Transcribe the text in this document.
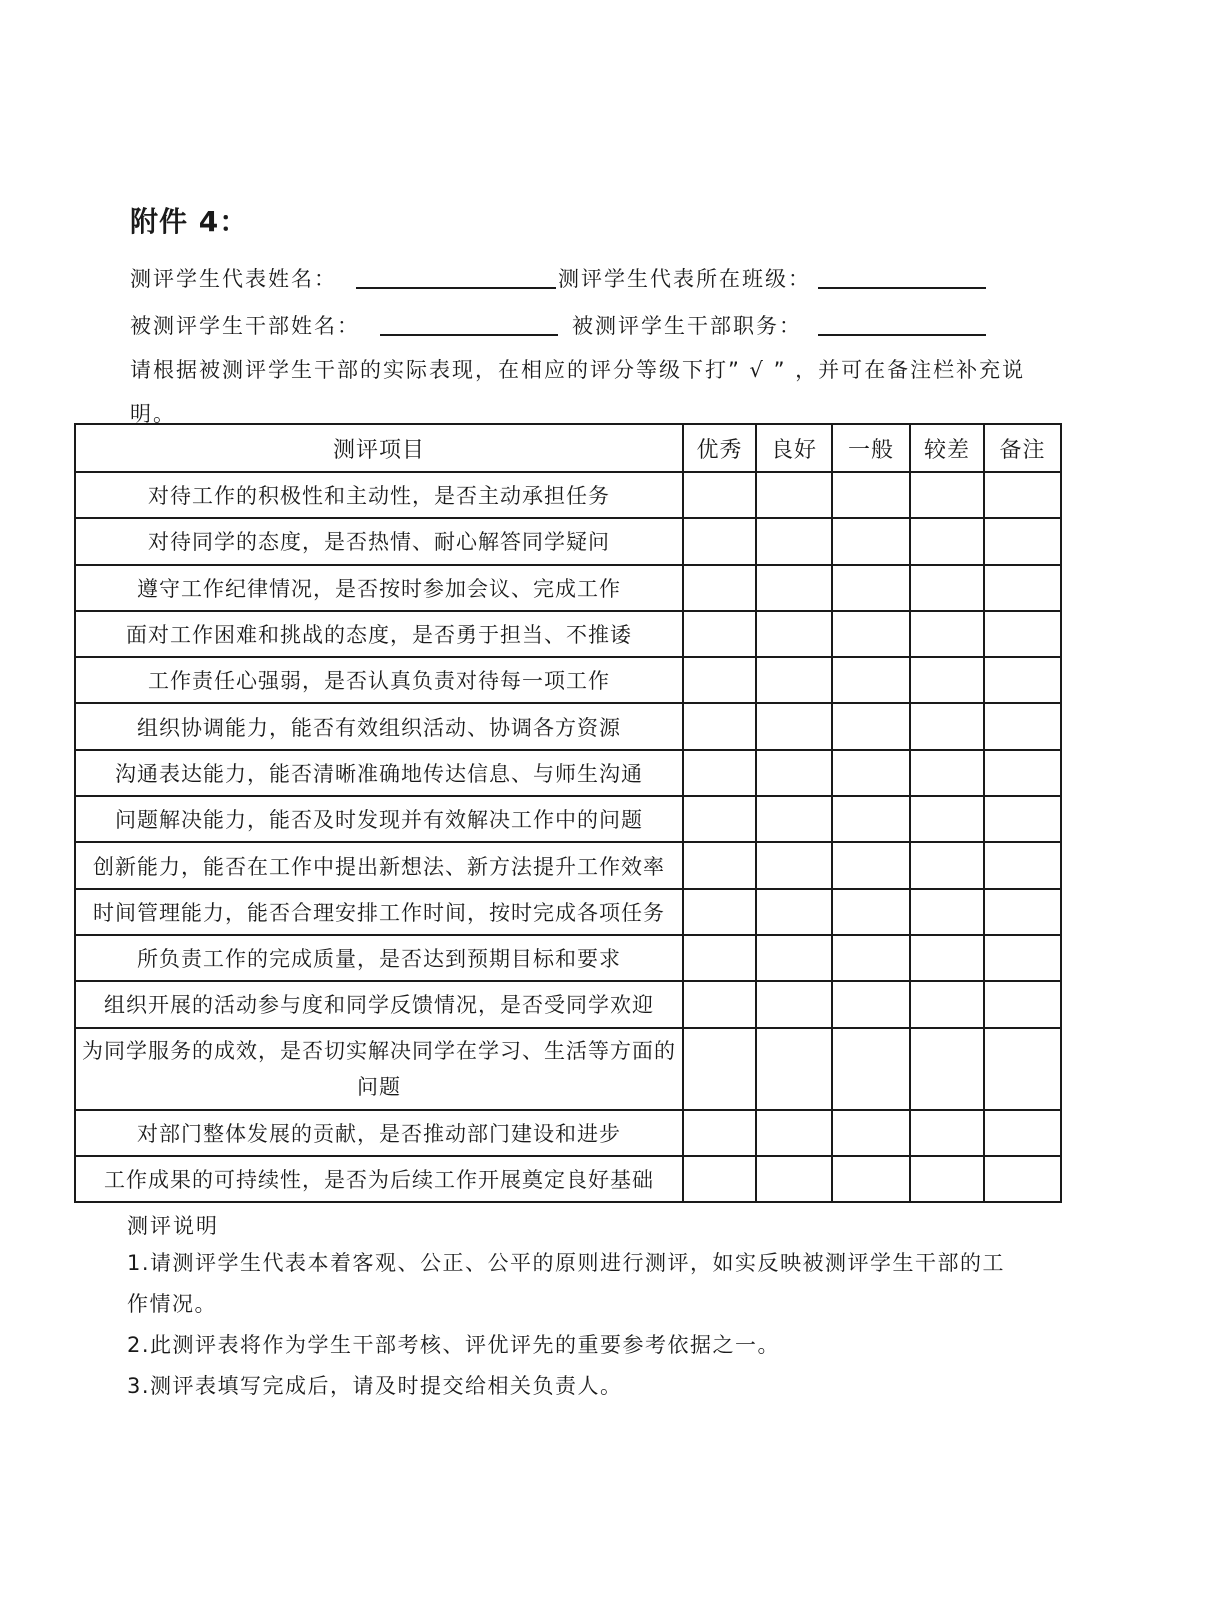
附件 4：
测评学生代表姓名：	测评学生代表所在班级：
被测评学生干部姓名：	被测评学生干部职务：
请根据被测评学生干部的实际表现，在相应的评分等级下打” √ ” ，并可在备注栏补充说明。
测评项目	优秀	良好	一般	较差	备注
对待工作的积极性和主动性，是否主动承担任务					
对待同学的态度，是否热情、耐心解答同学疑问					
遵守工作纪律情况，是否按时参加会议、完成工作					
面对工作困难和挑战的态度，是否勇于担当、不推诿					
工作责任心强弱，是否认真负责对待每一项工作					
组织协调能力，能否有效组织活动、协调各方资源					
沟通表达能力，能否清晰准确地传达信息、与师生沟通					
问题解决能力，能否及时发现并有效解决工作中的问题					
创新能力，能否在工作中提出新想法、新方法提升工作效率					
时间管理能力，能否合理安排工作时间，按时完成各项任务					
所负责工作的完成质量，是否达到预期目标和要求					
组织开展的活动参与度和同学反馈情况，是否受同学欢迎					
为同学服务的成效，是否切实解决同学在学习、生活等方面的问题					
对部门整体发展的贡献，是否推动部门建设和进步					
工作成果的可持续性，是否为后续工作开展奠定良好基础					
测评说明

1.请测评学生代表本着客观、公正、公平的原则进行测评，如实反映被测评学生干部的工作情况。

2.此测评表将作为学生干部考核、评优评先的重要参考依据之一。

3.测评表填写完成后，请及时提交给相关负责人。
